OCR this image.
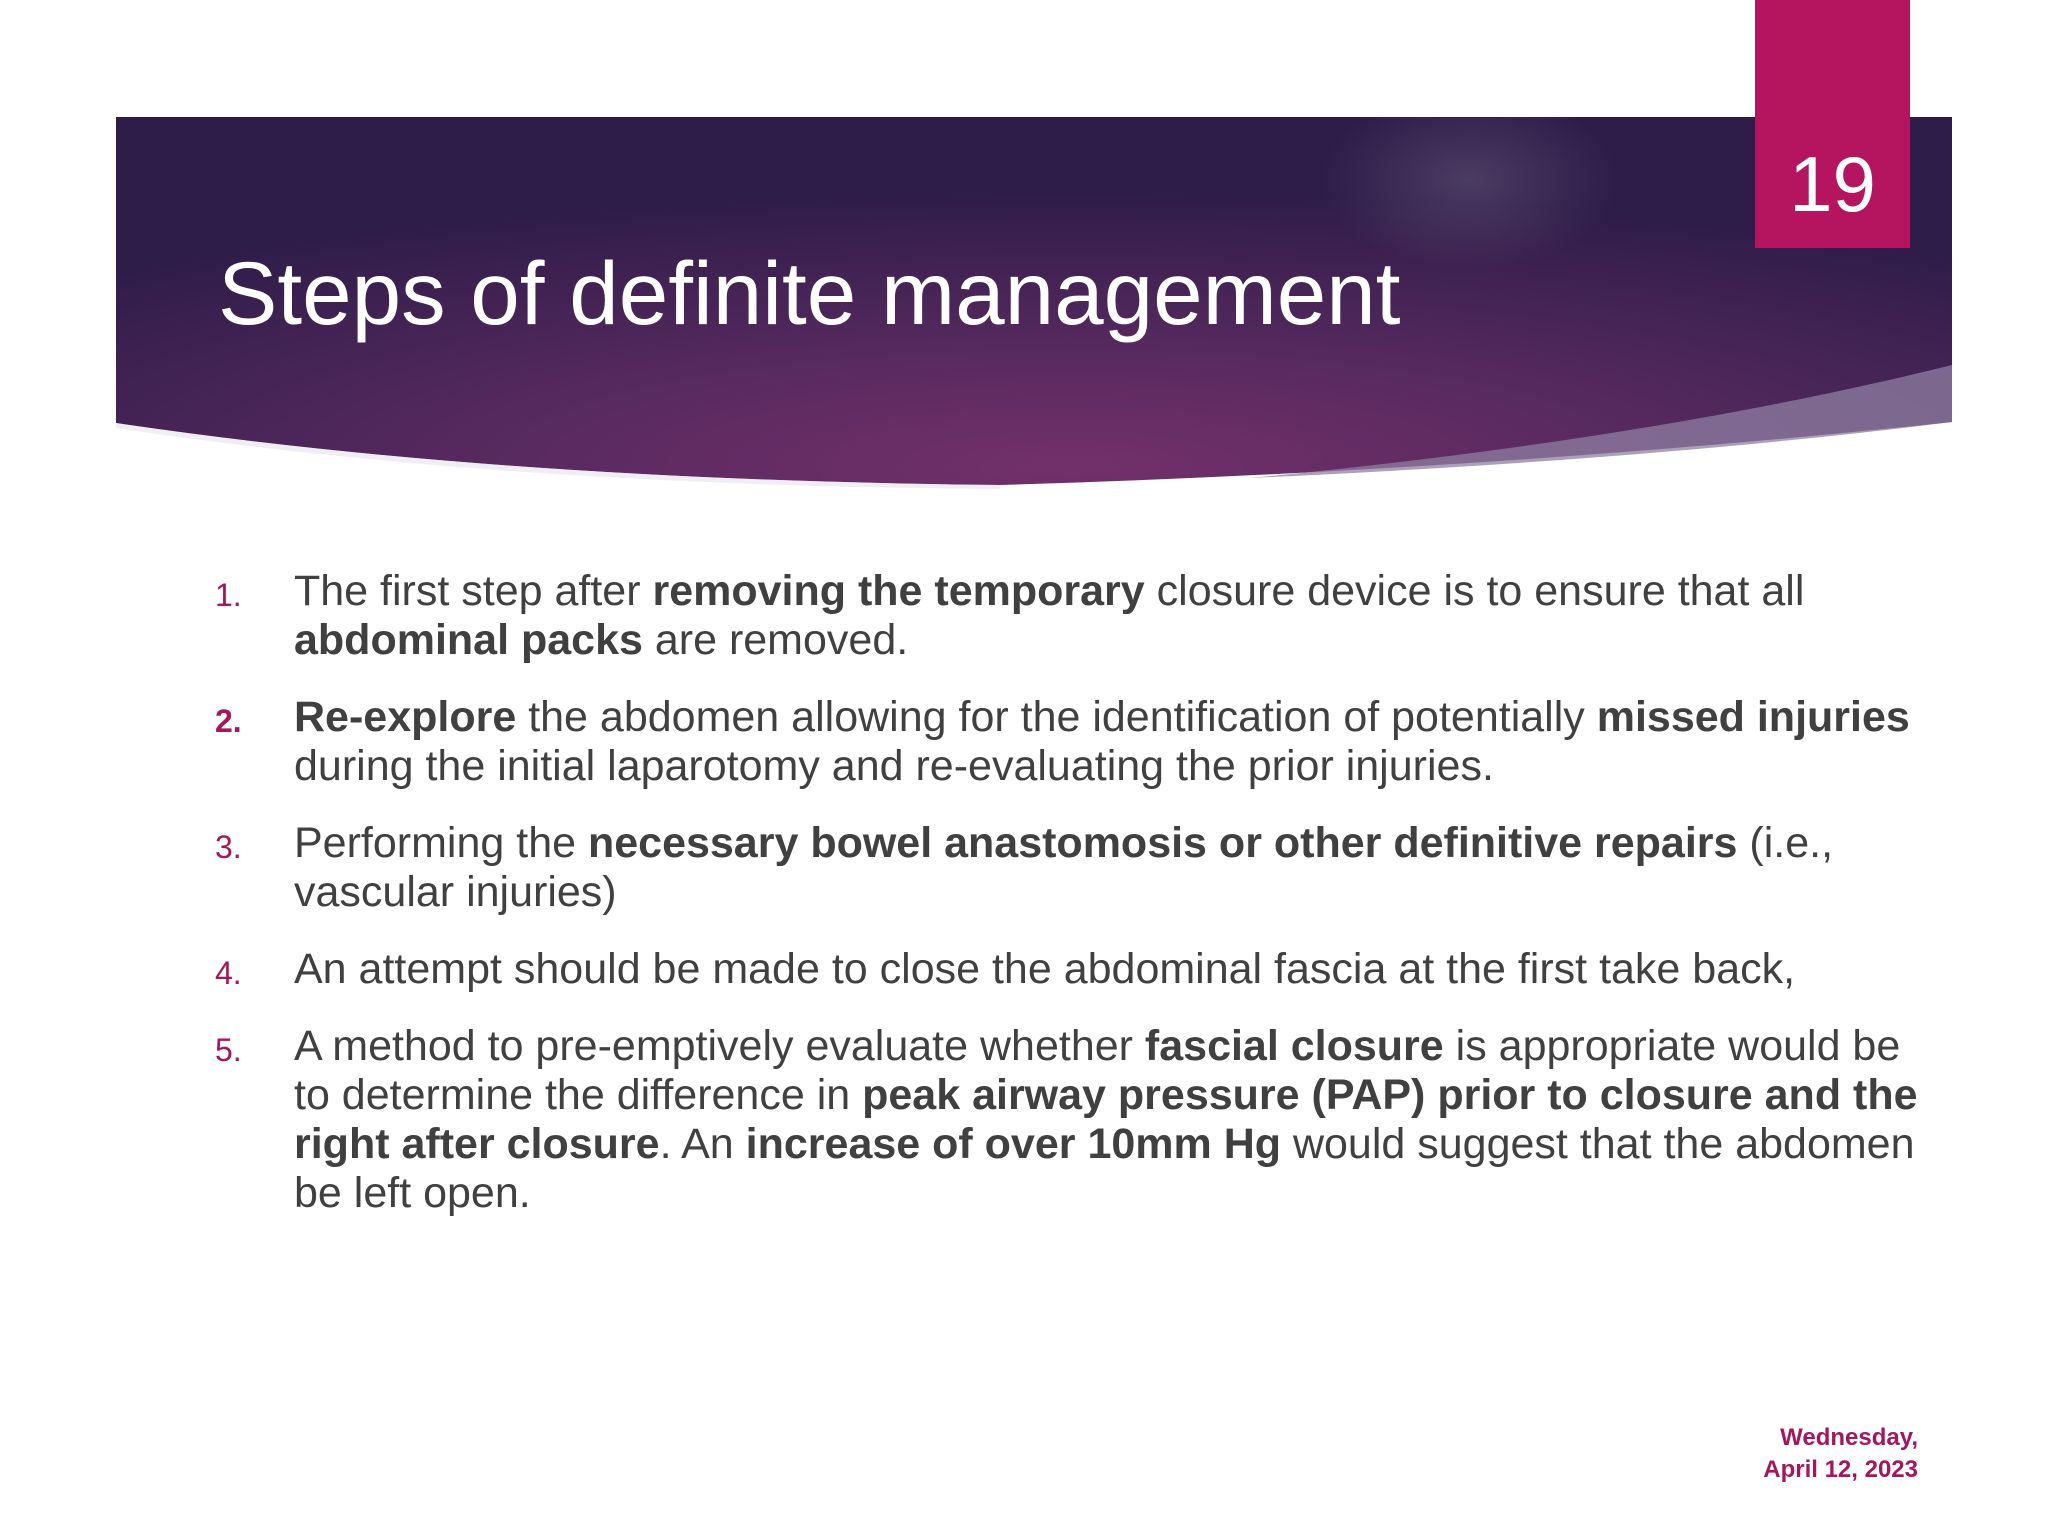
19
Steps of definite management
1. The first step after removing the temporary closure device is to ensure that all abdominal packs are removed.
2. Re-explore the abdomen allowing for the identification of potentially missed injuries during the initial laparotomy and re-evaluating the prior injuries.
3. Performing the necessary bowel anastomosis or other definitive repairs (i.e., vascular injuries)
4. An attempt should be made to close the abdominal fascia at the first take back,
5. A method to pre-emptively evaluate whether fascial closure is appropriate would be to determine the difference in peak airway pressure (PAP) prior to closure and the right after closure. An increase of over 10mm Hg would suggest that the abdomen be left open.
Wednesday,
April 12, 2023
